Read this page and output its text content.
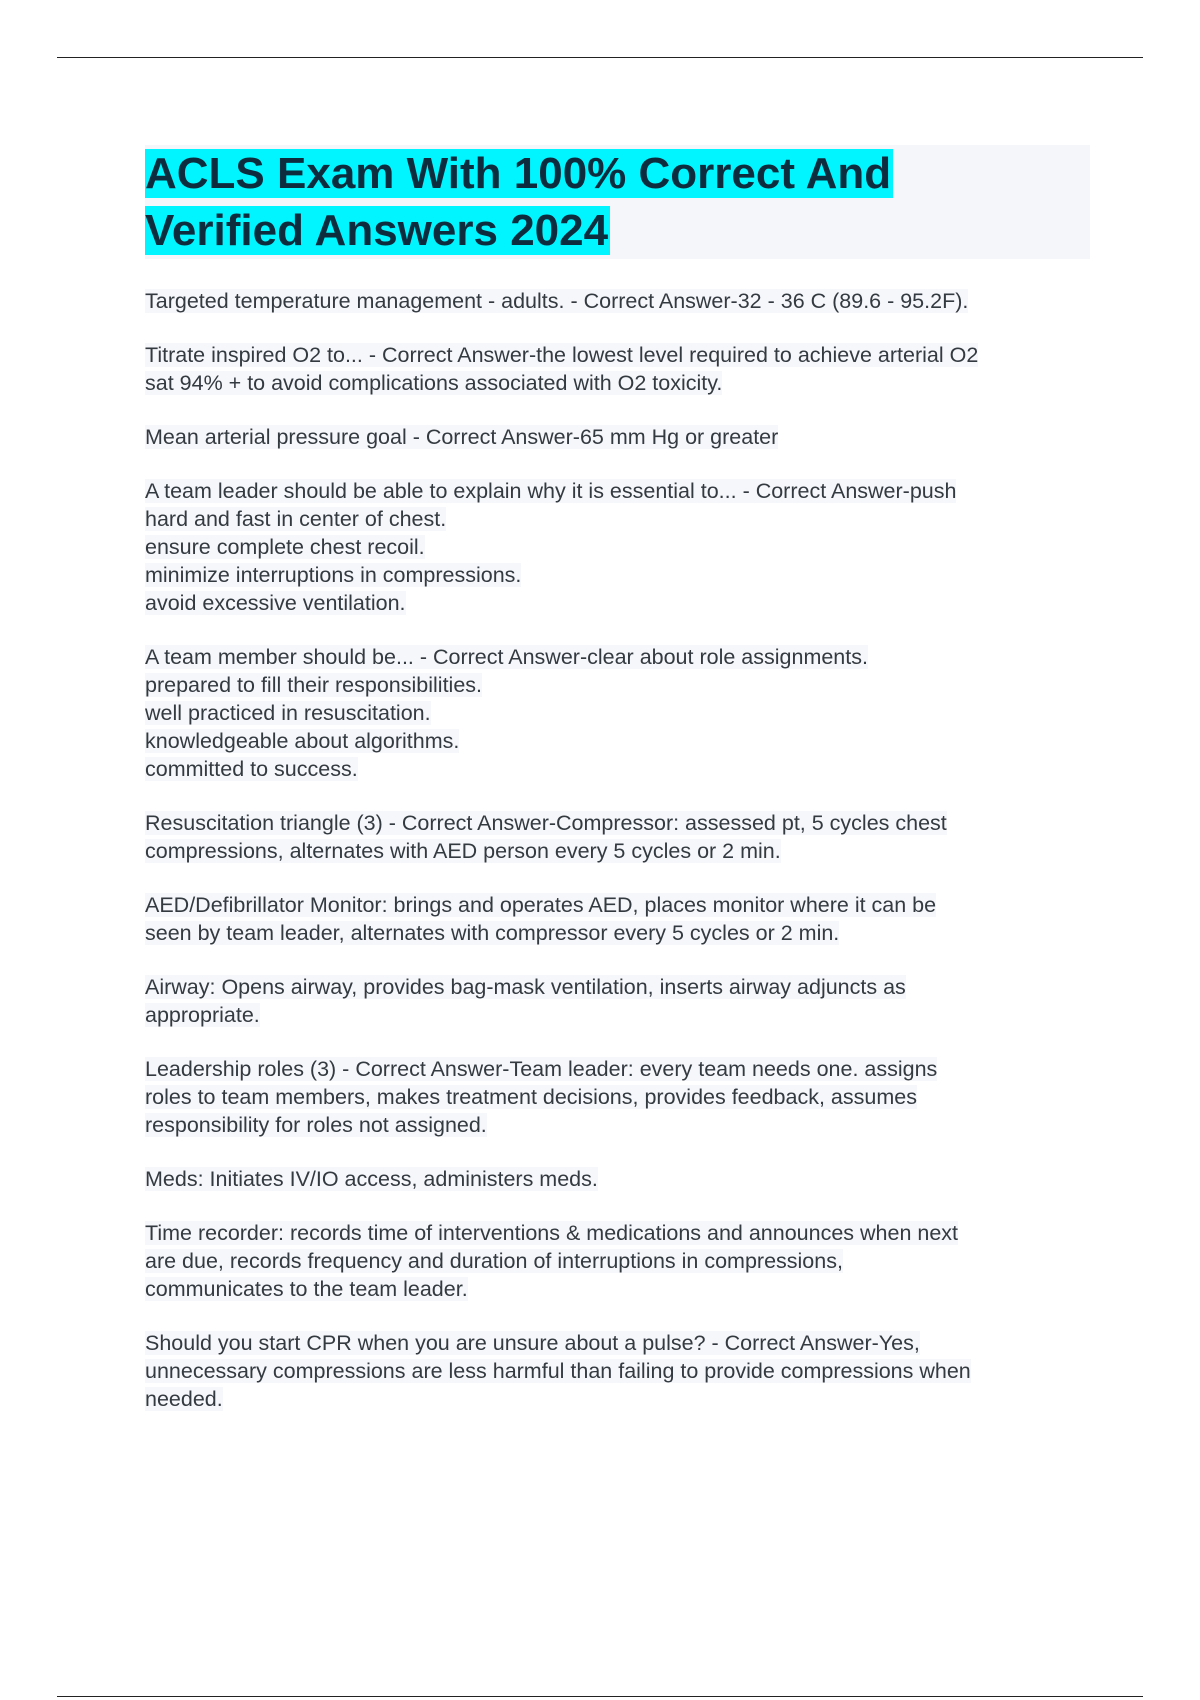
ACLS Exam With 100% Correct And
Verified Answers 2024

Targeted temperature management - adults. - Correct Answer-32 - 36 C (89.6 - 95.2F).

Titrate inspired O2 to... - Correct Answer-the lowest level required to achieve arterial O2
sat 94% + to avoid complications associated with O2 toxicity.

Mean arterial pressure goal - Correct Answer-65 mm Hg or greater

A team leader should be able to explain why it is essential to... - Correct Answer-push
hard and fast in center of chest.
ensure complete chest recoil.
minimize interruptions in compressions.
avoid excessive ventilation.

A team member should be... - Correct Answer-clear about role assignments.
prepared to fill their responsibilities.
well practiced in resuscitation.
knowledgeable about algorithms.
committed to success.

Resuscitation triangle (3) - Correct Answer-Compressor: assessed pt, 5 cycles chest
compressions, alternates with AED person every 5 cycles or 2 min.

AED/Defibrillator Monitor: brings and operates AED, places monitor where it can be
seen by team leader, alternates with compressor every 5 cycles or 2 min.

Airway: Opens airway, provides bag-mask ventilation, inserts airway adjuncts as
appropriate.

Leadership roles (3) - Correct Answer-Team leader: every team needs one. assigns
roles to team members, makes treatment decisions, provides feedback, assumes
responsibility for roles not assigned.

Meds: Initiates IV/IO access, administers meds.

Time recorder: records time of interventions & medications and announces when next
are due, records frequency and duration of interruptions in compressions,
communicates to the team leader.

Should you start CPR when you are unsure about a pulse? - Correct Answer-Yes,
unnecessary compressions are less harmful than failing to provide compressions when
needed.
